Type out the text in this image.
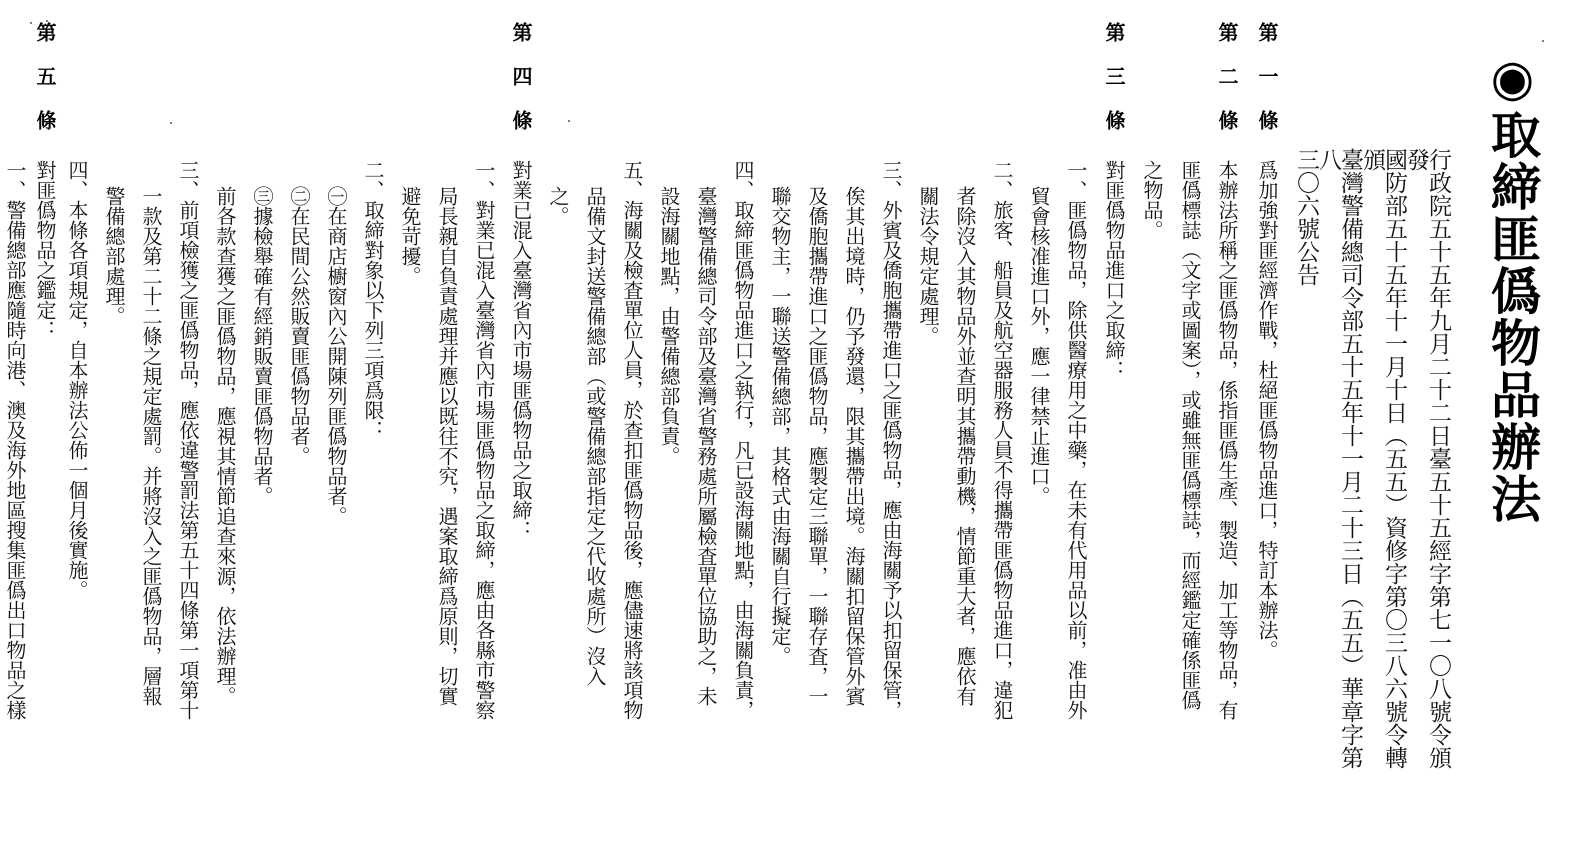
◉取締匪僞物品辦法
行政院五十五年九月二十二日臺五十五經字第七一〇八號令頒發
國防部五十五年十一月十日（五五）資修字第〇三八六號令轉頒
臺灣警備總司令部五十五年十一月二十三日（五五）華章字第八
三〇六號公告
第一條
爲加強對匪經濟作戰，杜絕匪僞物品進口，特訂本辦法。
第二條
本辦法所稱之匪僞物品，係指匪僞生產、製造、加工等物品，有
匪僞標誌（文字或圖案），或雖無匪僞標誌，而經鑑定確係匪僞
之物品。
第三條
對匪僞物品進口之取締：
一、匪僞物品，除供醫療用之中藥，在未有代用品以前，准由外
貿會核准進口外，應一律禁止進口。
二、旅客、船員及航空器服務人員不得攜帶匪僞物品進口，違犯
者除沒入其物品外並查明其攜帶動機，情節重大者，應依有
關法令規定處理。
三、外賓及僑胞攜帶進口之匪僞物品，應由海關予以扣留保管，
俟其出境時，仍予發還，限其攜帶出境。海關扣留保管外賓
及僑胞攜帶進口之匪僞物品，應製定三聯單，一聯存査，一
聯交物主，一聯送警備總部，其格式由海關自行擬定。
四、取締匪僞物品進口之執行，凡已設海關地點，由海關負責，
臺灣警備總司令部及臺灣省警務處所屬檢査單位協助之，未
設海關地點，由警備總部負責。
五、海關及檢査單位人員，於查扣匪僞物品後，應儘速將該項物
品備文封送警備總部（或警備總部指定之代收處所）沒入
之。
第四條
對業已混入臺灣省內市場匪僞物品之取締：
一、對業已混入臺灣省內市場匪僞物品之取締，應由各縣市警察
局長親自負責處理并應以既往不究，遇案取締爲原則，切實
避免苛擾。
二、取締對象以下列三項爲限：
㊀在商店櫥窗內公開陳列匪僞物品者。
㊁在民間公然販賣匪僞物品者。
㊂據檢舉確有經銷販賣匪僞物品者。
前各款查獲之匪僞物品，應視其情節追查來源，依法辦理。
三、前項檢獲之匪僞物品，應依違警罰法第五十四條第一項第十
一款及第二十二條之規定處罰。并將沒入之匪僞物品，層報
警備總部處理。
四、本條各項規定，自本辦法公佈一個月後實施。
第五條
對匪僞物品之鑑定：
一、警備總部應隨時向港、澳及海外地區搜集匪僞出口物品之樣
